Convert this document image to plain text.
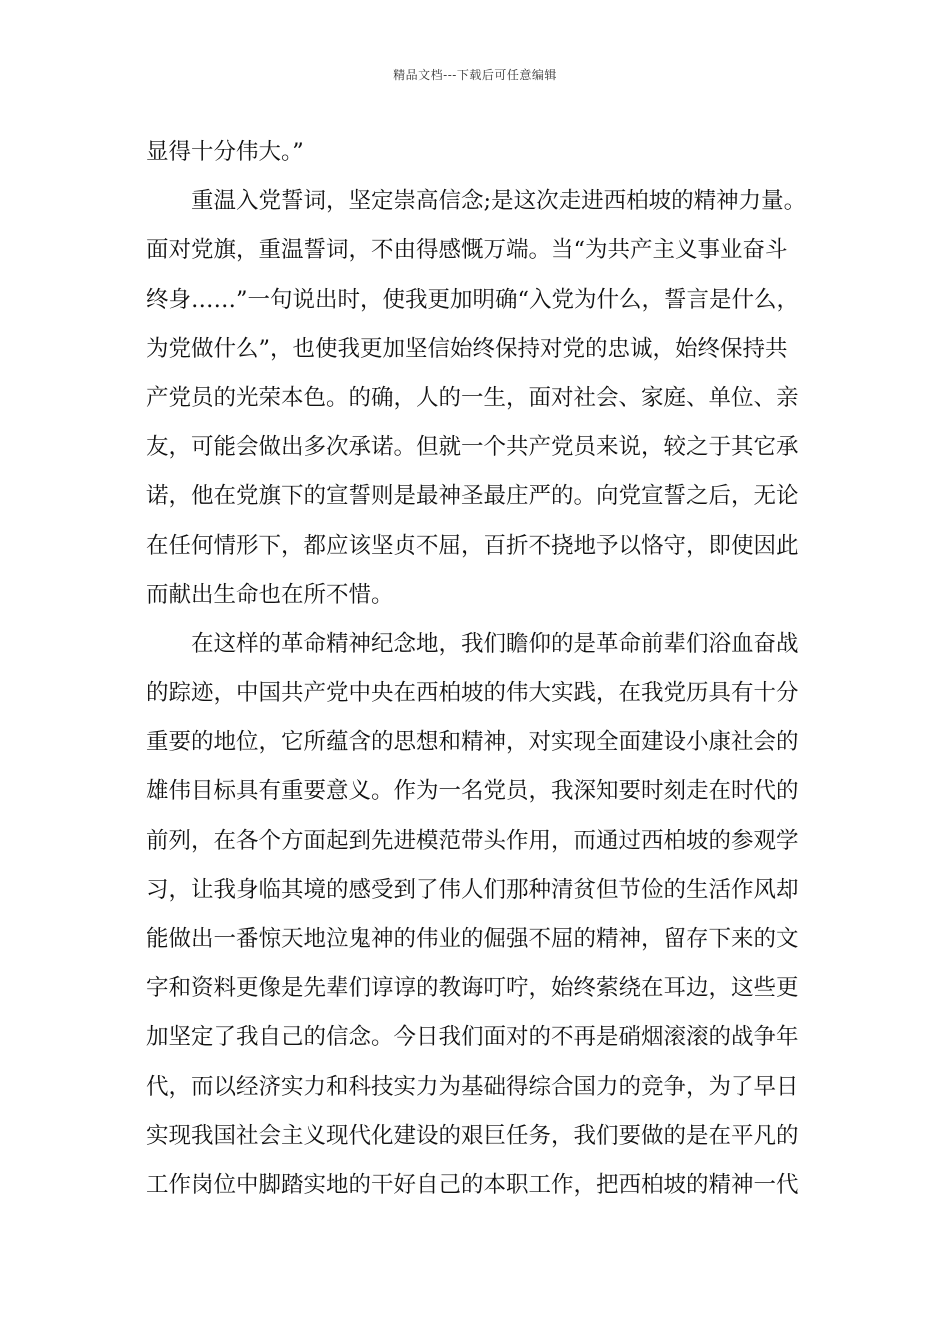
精品文档---下载后可任意编辑
显得十分伟大。”
重温入党誓词，坚定崇高信念;是这次走进西柏坡的精神力量。
面对党旗，重温誓词，不由得感慨万端。当“为共产主义事业奋斗
终身……”一句说出时，使我更加明确“入党为什么，誓言是什么，
为党做什么”，也使我更加坚信始终保持对党的忠诚，始终保持共
产党员的光荣本色。的确，人的一生，面对社会、家庭、单位、亲
友，可能会做出多次承诺。但就一个共产党员来说，较之于其它承
诺，他在党旗下的宣誓则是最神圣最庄严的。向党宣誓之后，无论
在任何情形下，都应该坚贞不屈，百折不挠地予以恪守，即使因此
而献出生命也在所不惜。
在这样的革命精神纪念地，我们瞻仰的是革命前辈们浴血奋战
的踪迹，中国共产党中央在西柏坡的伟大实践，在我党历具有十分
重要的地位，它所蕴含的思想和精神，对实现全面建设小康社会的
雄伟目标具有重要意义。作为一名党员，我深知要时刻走在时代的
前列，在各个方面起到先进模范带头作用，而通过西柏坡的参观学
习，让我身临其境的感受到了伟人们那种清贫但节俭的生活作风却
能做出一番惊天地泣鬼神的伟业的倔强不屈的精神，留存下来的文
字和资料更像是先辈们谆谆的教诲叮咛，始终萦绕在耳边，这些更
加坚定了我自己的信念。今日我们面对的不再是硝烟滚滚的战争年
代，而以经济实力和科技实力为基础得综合国力的竞争，为了早日
实现我国社会主义现代化建设的艰巨任务，我们要做的是在平凡的
工作岗位中脚踏实地的干好自己的本职工作，把西柏坡的精神一代
